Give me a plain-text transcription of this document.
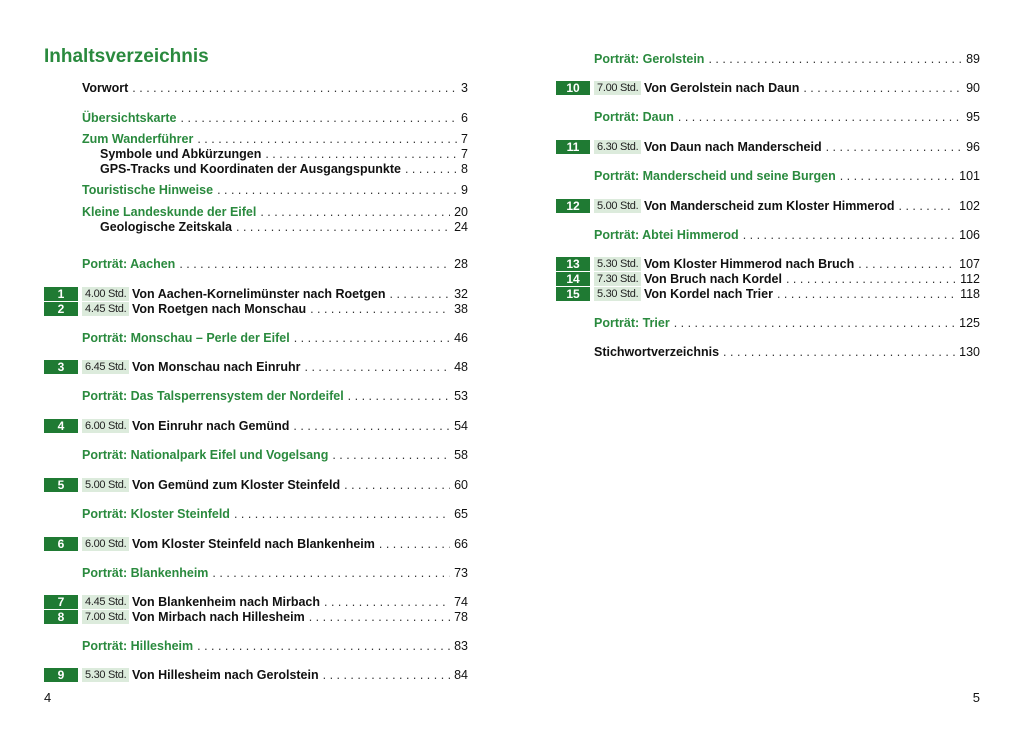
Inhaltsverzeichnis
Vorwort . . .	3
Übersichtskarte . . .	6
Zum Wanderführer . . .	7
Symbole und Abkürzungen . . .	7
GPS-Tracks und Koordinaten der Ausgangspunkte . . .	8
Touristische Hinweise . . .	9
Kleine Landeskunde der Eifel . . .	20
Geologische Zeitskala . . .	24
Porträt: Aachen . . .	28
1	4.00 Std. Von Aachen-Kornelimünster nach Roetgen . . .	32
2	4.45 Std. Von Roetgen nach Monschau . . .	38
Porträt: Monschau – Perle der Eifel . . .	46
3	6.45 Std. Von Monschau nach Einruhr . . .	48
Porträt: Das Talsperrensystem der Nordeifel . . .	53
4	6.00 Std. Von Einruhr nach Gemünd . . .	54
Porträt: Nationalpark Eifel und Vogelsang . . .	58
5	5.00 Std. Von Gemünd zum Kloster Steinfeld . . .	60
Porträt: Kloster Steinfeld . . .	65
6	6.00 Std. Vom Kloster Steinfeld nach Blankenheim . . .	66
Porträt: Blankenheim . . .	73
7	4.45 Std. Von Blankenheim nach Mirbach . . .	74
8	7.00 Std. Von Mirbach nach Hillesheim . . .	78
Porträt: Hillesheim . . .	83
9	5.30 Std. Von Hillesheim nach Gerolstein . . .	84
4
Porträt: Gerolstein . . .	89
10	7.00 Std. Von Gerolstein nach Daun . . .	90
Porträt: Daun . . .	95
11	6.30 Std. Von Daun nach Manderscheid . . .	96
Porträt: Manderscheid und seine Burgen . . .	101
12	5.00 Std. Von Manderscheid zum Kloster Himmerod . . .	102
Porträt: Abtei Himmerod . . .	106
13	5.30 Std. Vom Kloster Himmerod nach Bruch . . .	107
14	7.30 Std. Von Bruch nach Kordel . . .	112
15	5.30 Std. Von Kordel nach Trier . . .	118
Porträt: Trier . . .	125
Stichwortverzeichnis . . .	130
5
